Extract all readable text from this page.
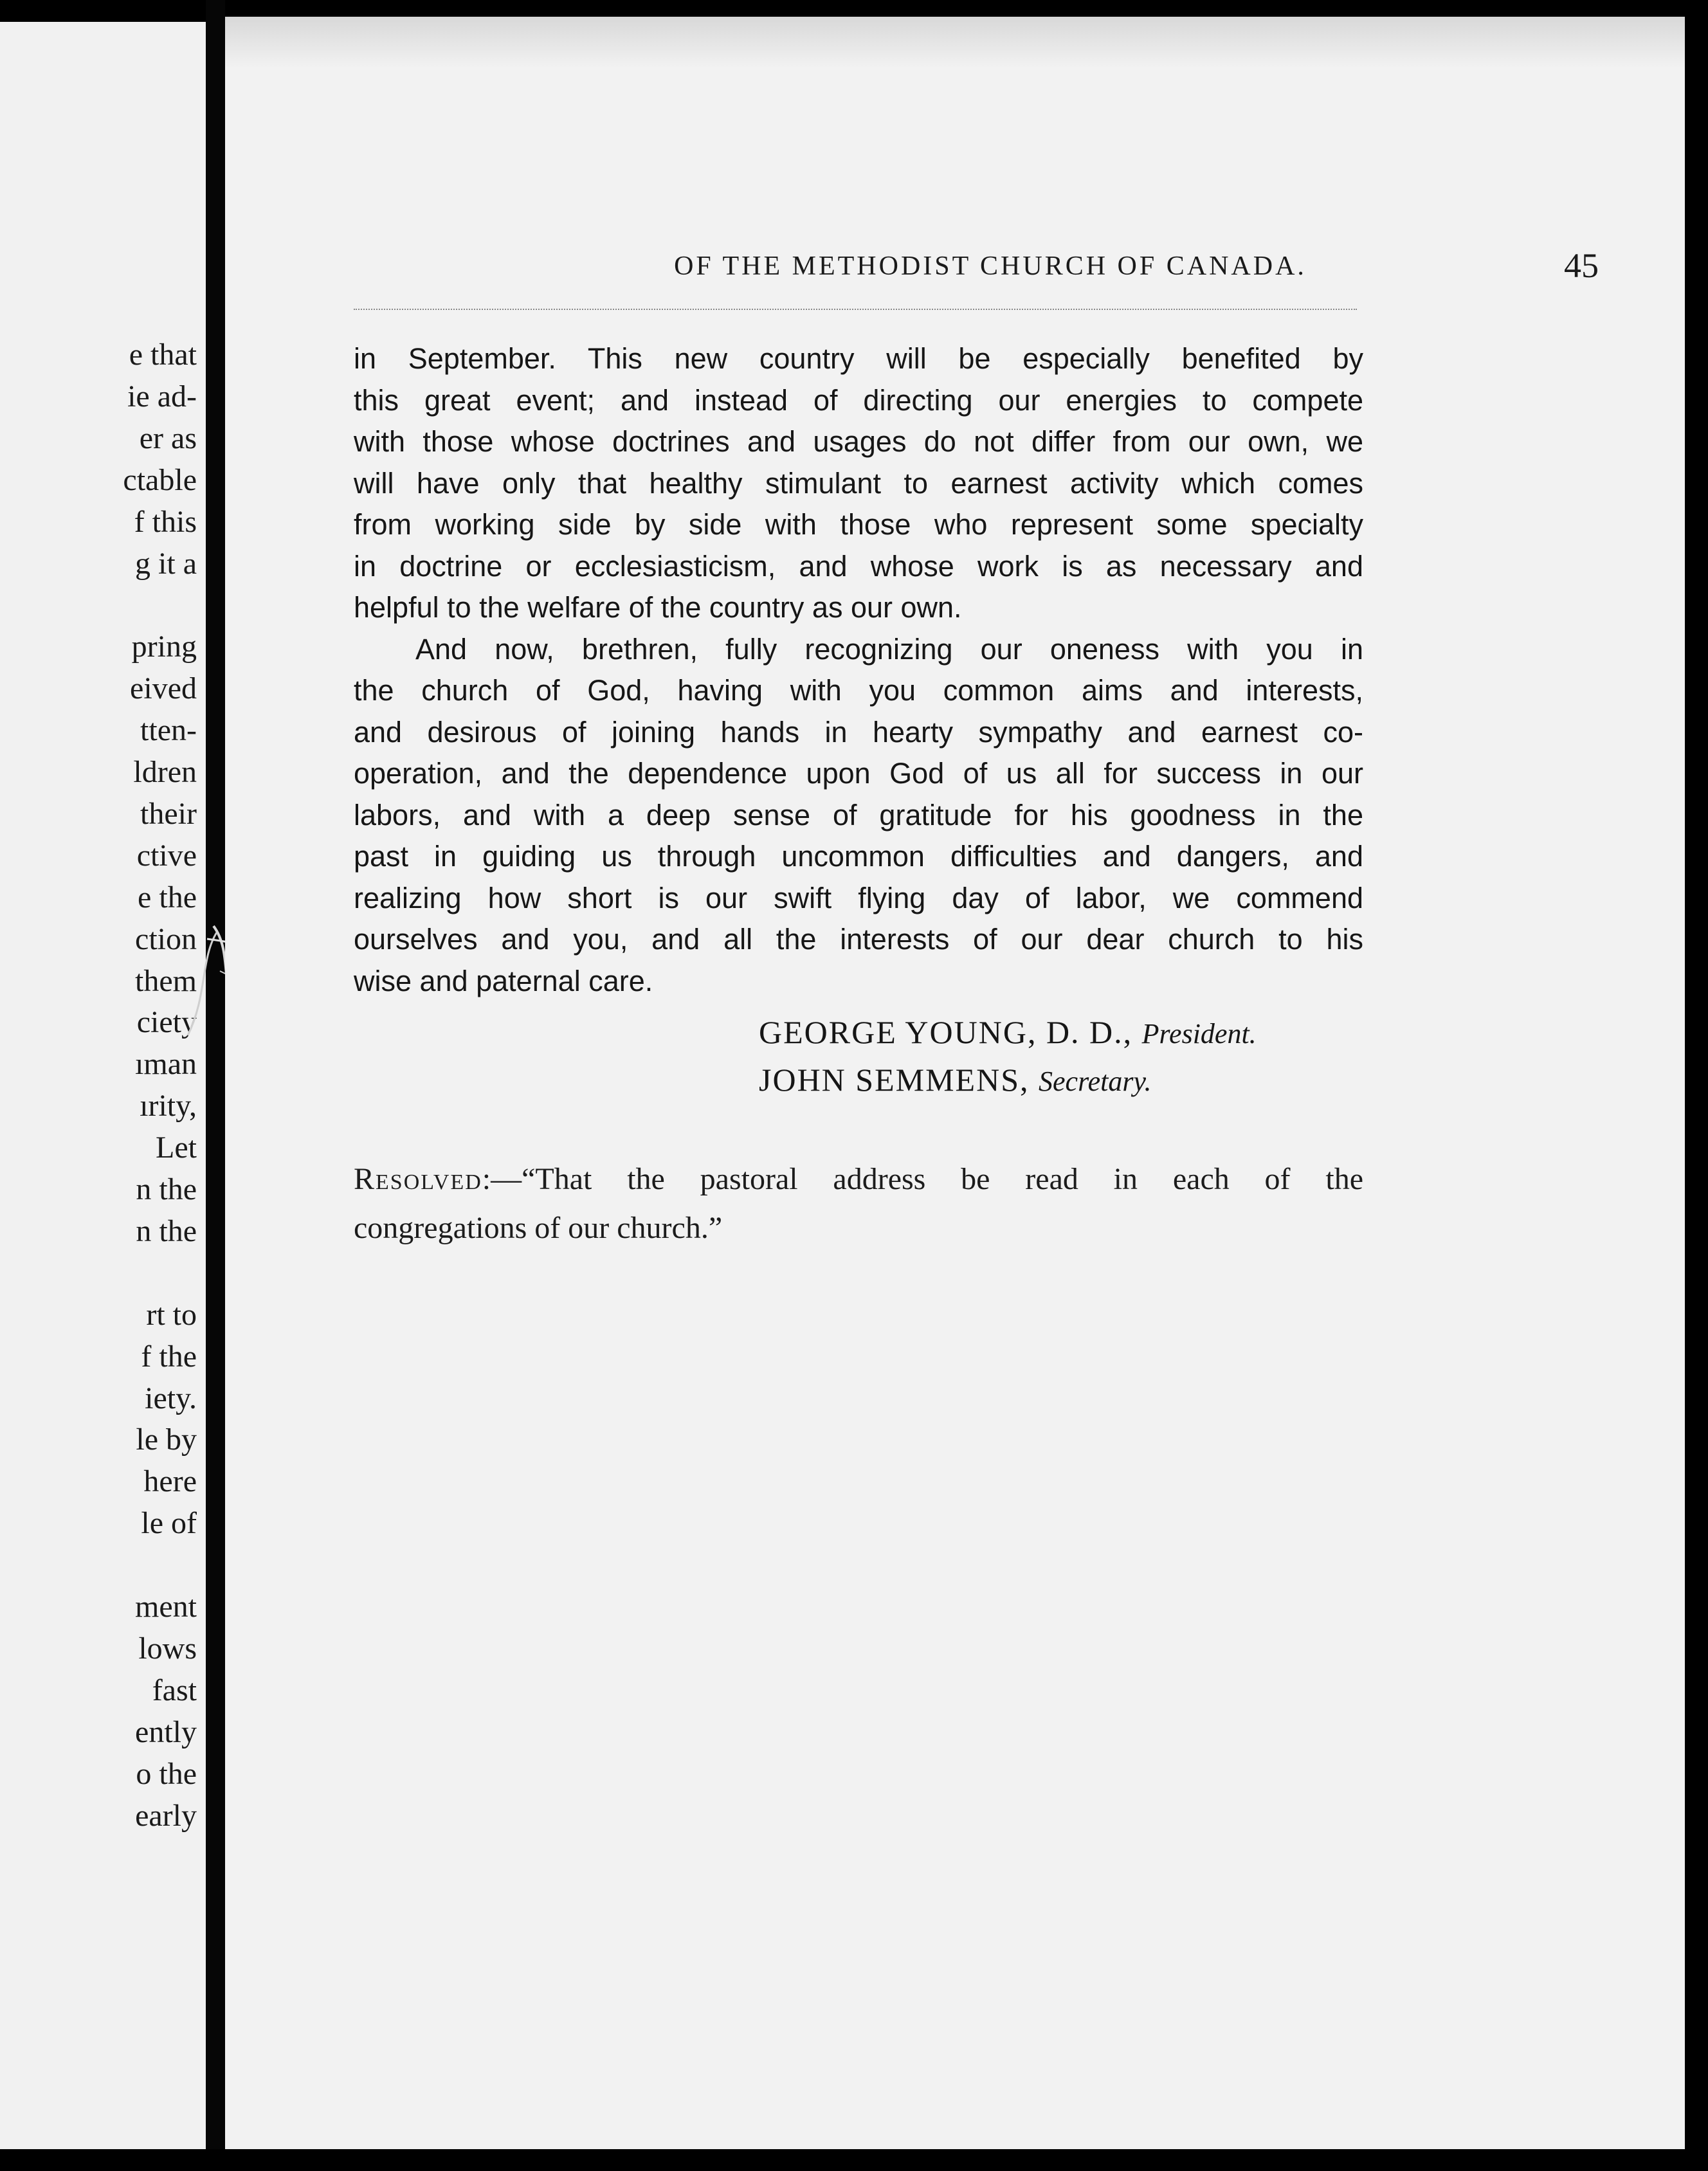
e that
ie ad-
er as
ctable
f this
g it a
pring
eived
tten-
ldren
their
ctive
e the
ction
them
ciety
ıman
ırity,
Let
n the
n the
rt to
f the
iety.
le by
here
le of
ment
lows
fast
ently
o the
early
OF THE METHODIST CHURCH OF CANADA.	45
in September. This new country will be especially benefited by
this great event; and instead of directing our energies to compete
with those whose doctrines and usages do not differ from our own, we
will have only that healthy stimulant to earnest activity which comes
from working side by side with those who represent some specialty
in doctrine or ecclesiasticism, and whose work is as necessary and
helpful to the welfare of the country as our own.
And now, brethren, fully recognizing our oneness with you in
the church of God, having with you common aims and interests,
and desirous of joining hands in hearty sympathy and earnest co-
operation, and the dependence upon God of us all for success in our
labors, and with a deep sense of gratitude for his goodness in the
past in guiding us through uncommon difficulties and dangers, and
realizing how short is our swift flying day of labor, we commend
ourselves and you, and all the interests of our dear church to his
wise and paternal care.
GEORGE YOUNG, D. D., President.
JOHN SEMMENS, Secretary.
Resolved:—“That the pastoral address be read in each of the
congregations of our church.”
